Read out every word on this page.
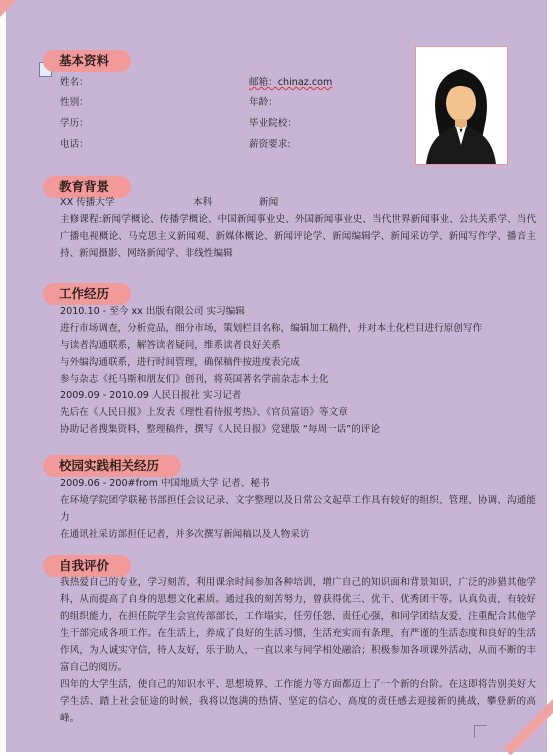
基本资料
姓名：
性别：
学历：
电话：
邮箱：chinaz.com
年龄：
毕业院校：
薪资要求:
教育背景
XX 传播大学	本科	新闻
主修课程:新闻学概论、传播学概论、中国新闻事业史、外国新闻事业史、当代世界新闻事业、公共关系学、当代广播电视概论、马克思主义新闻观、新媒体概论、新闻评论学、新闻编辑学、新闻采访学、新闻写作学、播音主持、新闻摄影、网络新闻学、非线性编辑
工作经历
2010.10 - 至今 xx 出版有限公司 实习编辑
进行市场调查，分析竞品，细分市场，策划栏目名称，编辑加工稿件，并对本土化栏目进行原创写作
与读者沟通联系，解答读者疑问，维系读者良好关系
与外编沟通联系，进行时间管理，确保稿件按进度表完成
参与杂志《托马斯和朋友们》创刊，将英国著名学前杂志本土化
2009.09 - 2010.09 人民日报社 实习记者
先后在《人民日报》上发表《理性看待报考热》、《官员富语》等文章
协助记者搜集资料，整理稿件，撰写《人民日报》党建版 “每周一话”的评论
校园实践相关经历
2009.06 - 200#from 中国地质大学 记者、秘书
在环境学院团学联秘书部担任会议记录、文字整理以及日常公文起草工作具有较好的组织、管理、协调、沟通能力
在通讯社采访部担任记者，并多次撰写新闻稿以及人物采访
自我评价
我热爱自己的专业，学习刻苦，利用课余时间参加各种培训，增广自己的知识面和背景知识，广泛的涉猎其他学科，从而提高了自身的思想文化素质。通过我的刻苦努力，曾获得优三、优干、优秀团干等。认真负责，有较好的组织能力，在担任院学生会宣传部部长，工作塌实，任劳任怨，责任心强，和同学团结友爱，注重配合其他学生干部完成各项工作。在生活上，养成了良好的生活习惯，生活充实而有条理，有严谨的生活态度和良好的生活作风，为人诚实守信，待人友好，乐于助人，一直以来与同学相处融洽；积极参加各项课外活动，从而不断的丰富自己的阅历。
四年的大学生活，使自己的知识水平、思想境界、工作能力等方面都迈上了一个新的台阶。在这即将告别美好大学生活、踏上社会征途的时候，我将以饱满的热情、坚定的信心、高度的责任感去迎接新的挑战，攀登新的高峰。
